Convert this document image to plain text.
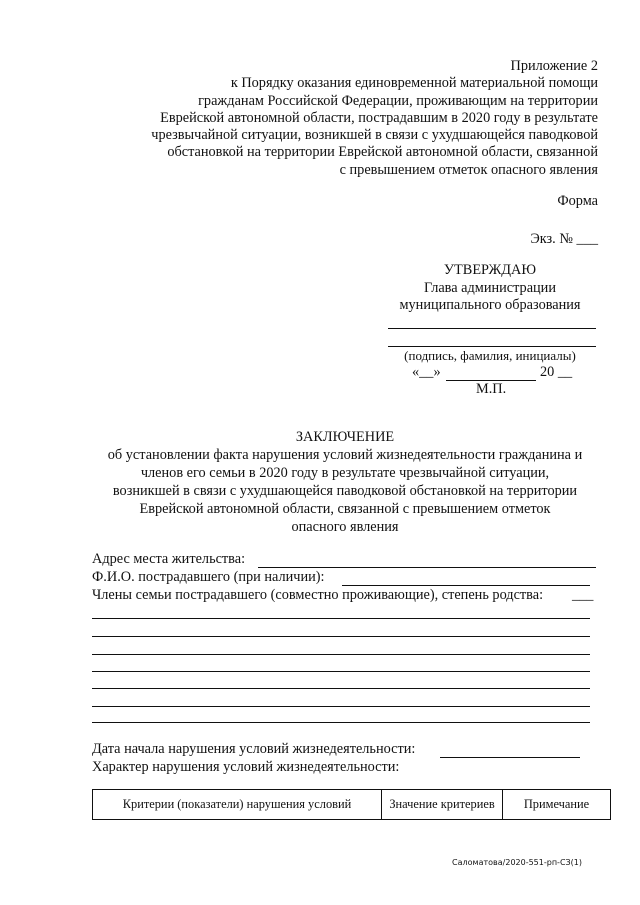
Приложение 2
к Порядку оказания единовременной материальной помощи
гражданам Российской Федерации, проживающим на территории
Еврейской автономной области, пострадавшим в 2020 году в результате
чрезвычайной ситуации, возникшей в связи с ухудшающейся паводковой
обстановкой на территории Еврейской автономной области, связанной
с превышением отметок опасного явления
Форма
Экз. № ___
УТВЕРЖДАЮ
Глава администрации
муниципального образования
(подпись, фамилия, инициалы)
«__»	20 __
М.П.
ЗАКЛЮЧЕНИЕ
об установлении факта нарушения условий жизнедеятельности гражданина и
членов его семьи в 2020 году в результате чрезвычайной ситуации,
возникшей в связи с ухудшающейся паводковой обстановкой на территории
Еврейской автономной области, связанной с превышением отметок
опасного явления
Адрес места жительства:
Ф.И.О. пострадавшего (при наличии):
Члены семьи пострадавшего (совместно проживающие), степень родства: ___
Дата начала нарушения условий жизнедеятельности:
Характер нарушения условий жизнедеятельности:
Критерии (показатели) нарушения условий	Значение критериев	Примечание
Саломатова/2020-551-рп-СЗ(1)
